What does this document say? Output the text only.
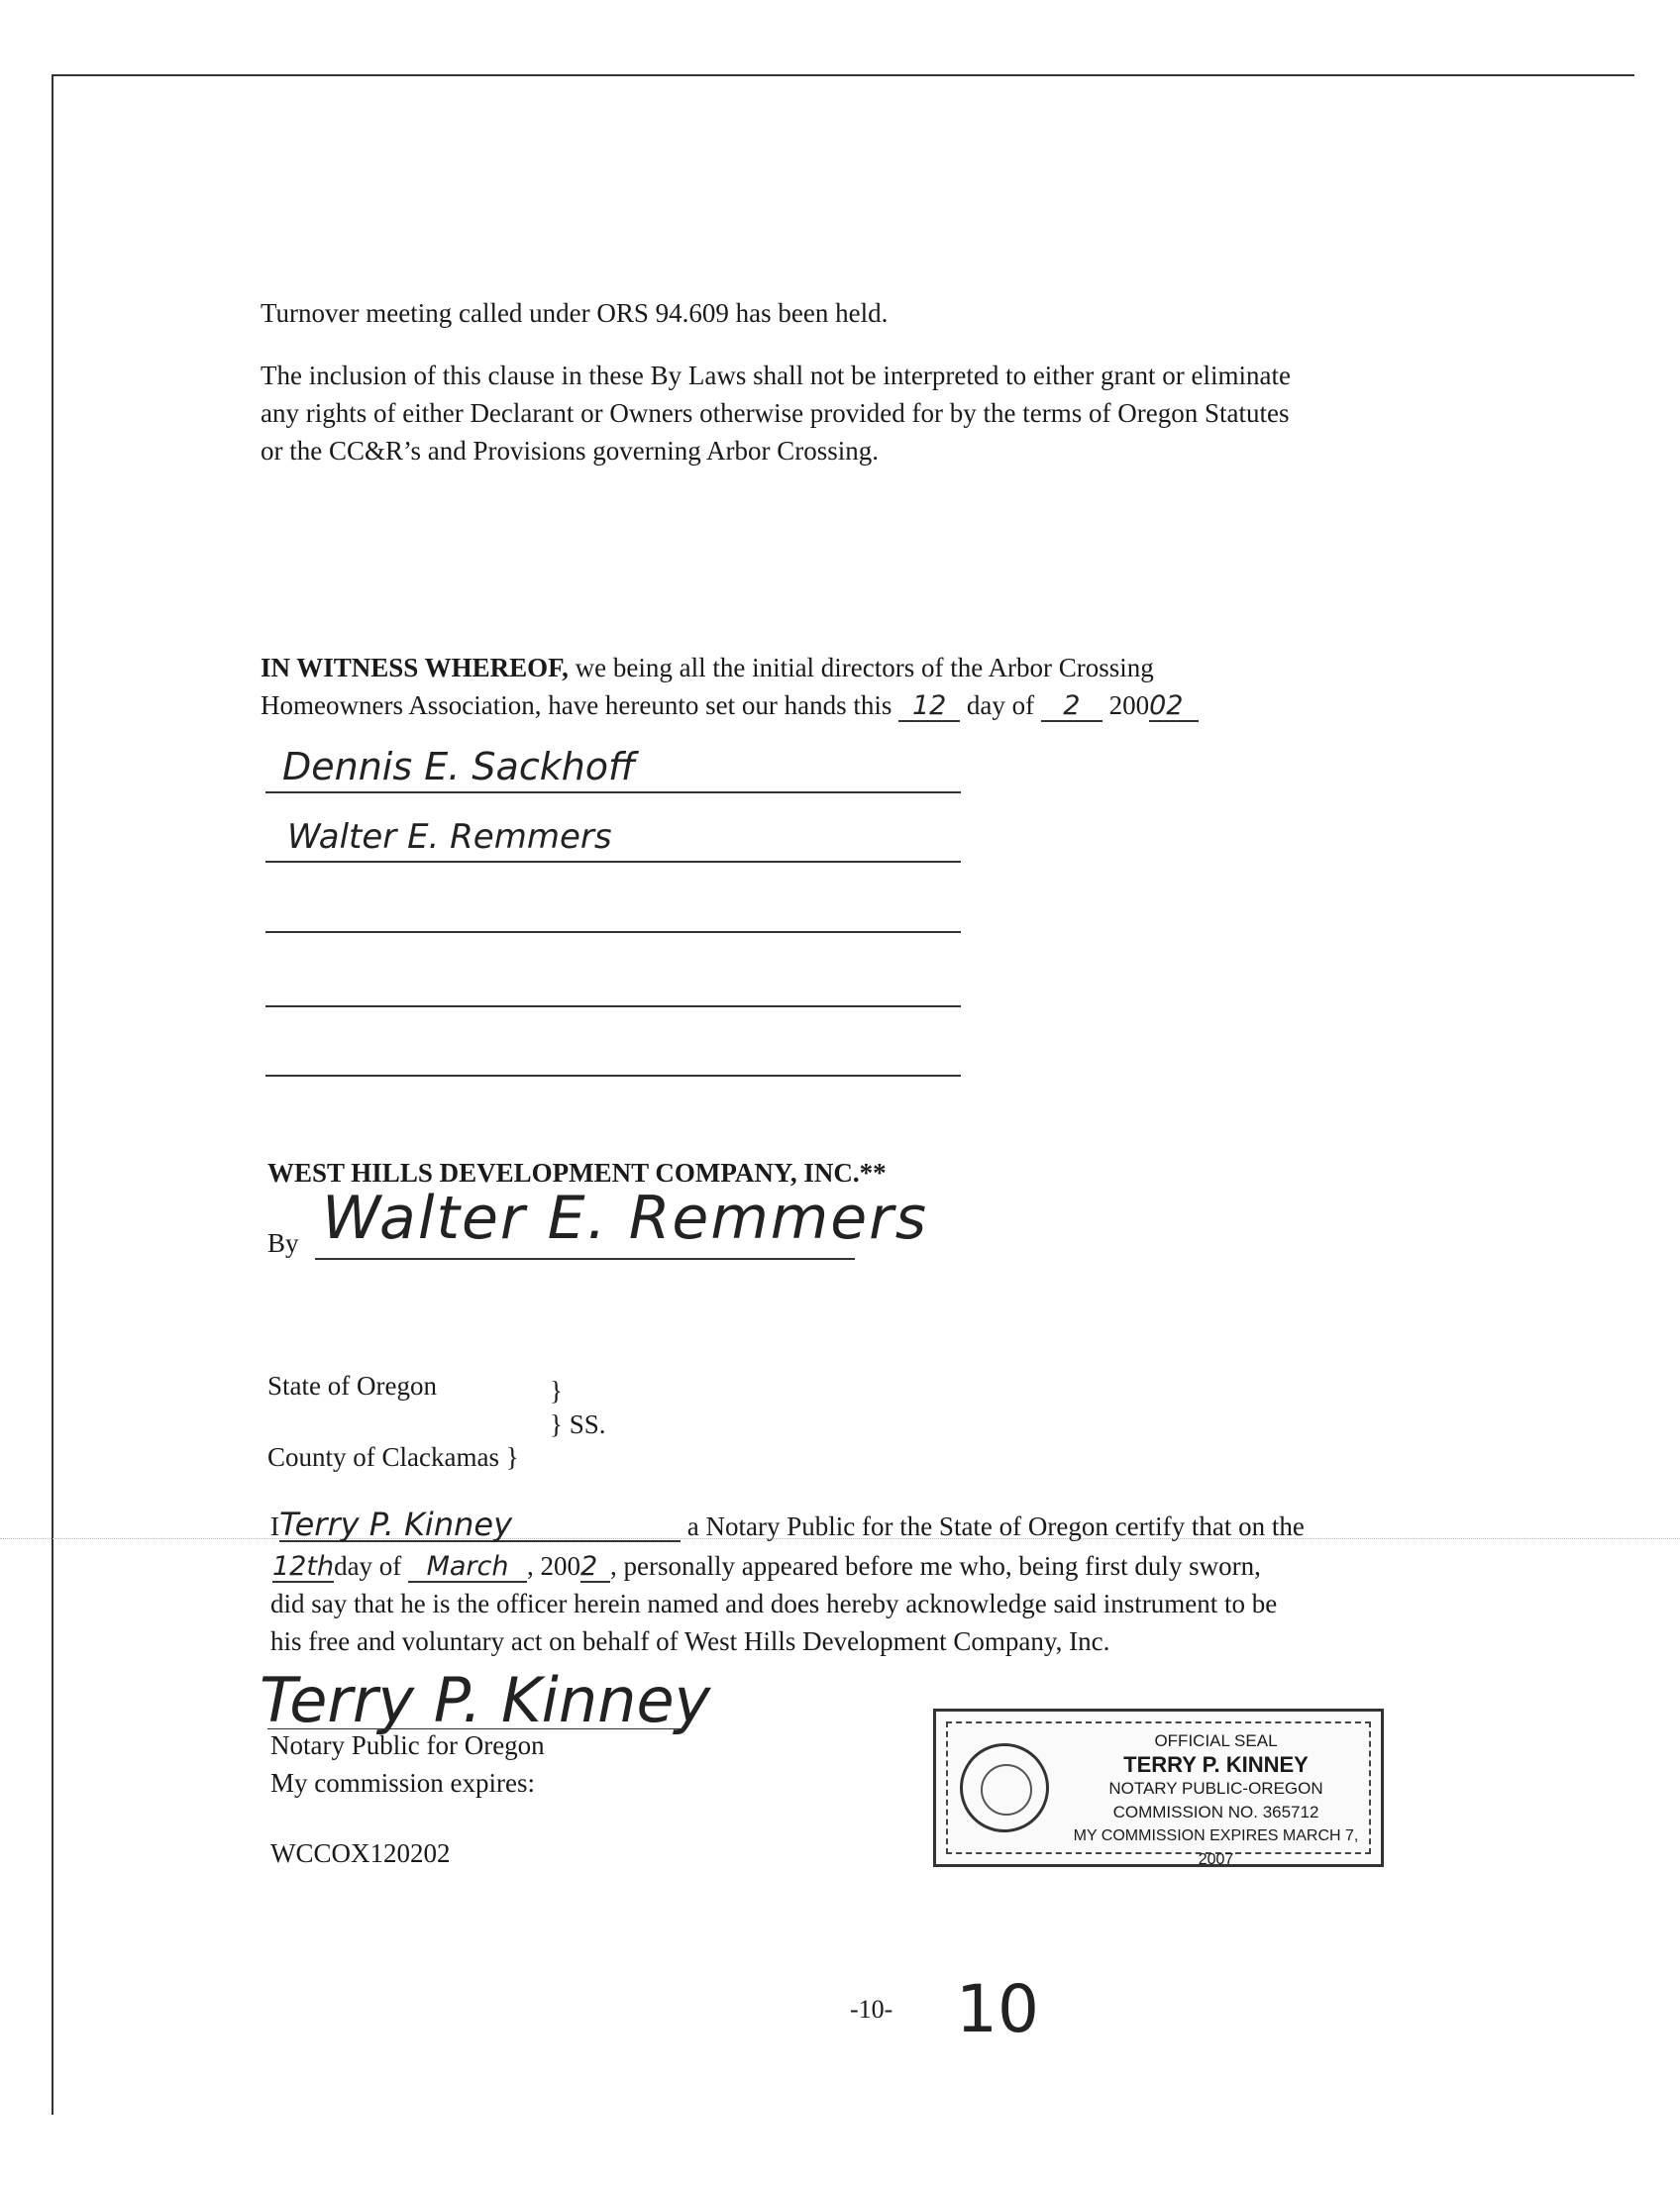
Turnover meeting called under ORS 94.609 has been held.
The inclusion of this clause in these By Laws shall not be interpreted to either grant or eliminate
any rights of either Declarant or Owners otherwise provided for by the terms of Oregon Statutes
or the CC&R’s and Provisions governing Arbor Crossing.
IN WITNESS WHEREOF, we being all the initial directors of the Arbor Crossing
Homeowners Association, have hereunto set our hands this 12 day of 2 20002
Dennis E. Sackhoff
Walter E. Remmers
WEST HILLS DEVELOPMENT COMPANY, INC.**
By Walter E. Remmers
State of Oregon	}
} SS.
County of Clackamas }
ITerry P. Kinney	a Notary Public for the State of Oregon certify that on the
12thday of March , 2002 , personally appeared before me who, being first duly sworn,
did say that he is the officer herein named and does hereby acknowledge said instrument to be
his free and voluntary act on behalf of West Hills Development Company, Inc.
Terry P. Kinney
Notary Public for Oregon
My commission expires:
WCCOX120202
OFFICIAL SEAL
TERRY P. KINNEY
NOTARY PUBLIC-OREGON
COMMISSION NO. 365712
MY COMMISSION EXPIRES MARCH 7, 2007
-10- 10
